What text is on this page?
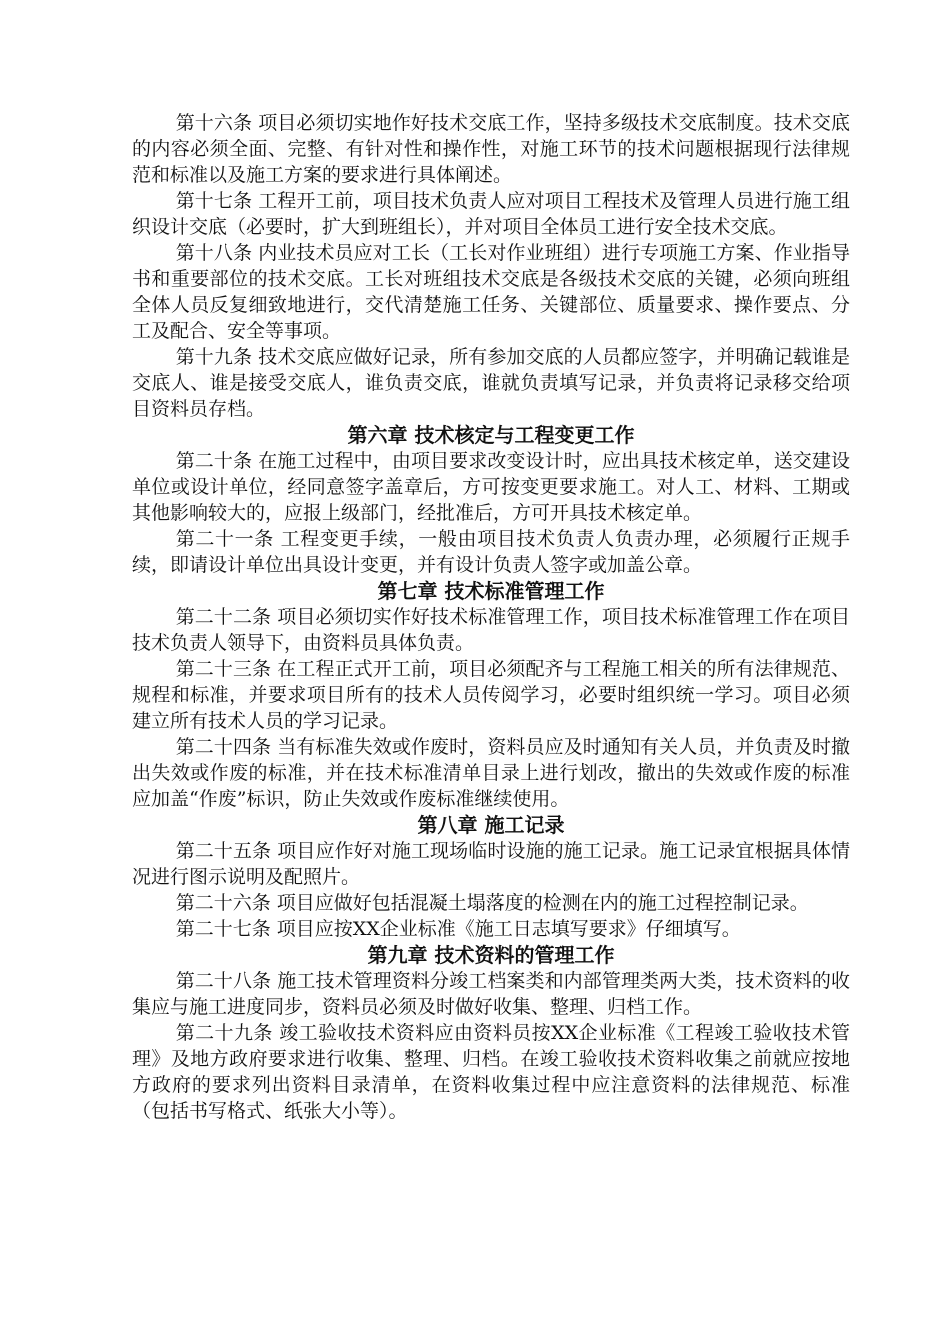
第十六条 项目必须切实地作好技术交底工作，坚持多级技术交底制度。技术交底的内容必须全面、完整、有针对性和操作性，对施工环节的技术问题根据现行法律规范和标准以及施工方案的要求进行具体阐述。

第十七条 工程开工前，项目技术负责人应对项目工程技术及管理人员进行施工组织设计交底（必要时，扩大到班组长），并对项目全体员工进行安全技术交底。

第十八条 内业技术员应对工长（工长对作业班组）进行专项施工方案、作业指导书和重要部位的技术交底。工长对班组技术交底是各级技术交底的关键，必须向班组全体人员反复细致地进行，交代清楚施工任务、关键部位、质量要求、操作要点、分工及配合、安全等事项。

第十九条 技术交底应做好记录，所有参加交底的人员都应签字，并明确记载谁是交底人、谁是接受交底人，谁负责交底，谁就负责填写记录，并负责将记录移交给项目资料员存档。

第六章 技术核定与工程变更工作

第二十条 在施工过程中，由项目要求改变设计时，应出具技术核定单，送交建设单位或设计单位，经同意签字盖章后，方可按变更要求施工。对人工、材料、工期或其他影响较大的，应报上级部门，经批准后，方可开具技术核定单。

第二十一条 工程变更手续，一般由项目技术负责人负责办理，必须履行正规手续，即请设计单位出具设计变更，并有设计负责人签字或加盖公章。

第七章 技术标准管理工作

第二十二条 项目必须切实作好技术标准管理工作，项目技术标准管理工作在项目技术负责人领导下，由资料员具体负责。

第二十三条 在工程正式开工前，项目必须配齐与工程施工相关的所有法律规范、规程和标准，并要求项目所有的技术人员传阅学习，必要时组织统一学习。项目必须建立所有技术人员的学习记录。

第二十四条 当有标准失效或作废时，资料员应及时通知有关人员，并负责及时撤出失效或作废的标准，并在技术标准清单目录上进行划改，撤出的失效或作废的标准应加盖“作废”标识，防止失效或作废标准继续使用。

第八章 施工记录

第二十五条 项目应作好对施工现场临时设施的施工记录。施工记录宜根据具体情况进行图示说明及配照片。

第二十六条 项目应做好包括混凝土塌落度的检测在内的施工过程控制记录。

第二十七条 项目应按XX企业标准《施工日志填写要求》仔细填写。

第九章 技术资料的管理工作

第二十八条 施工技术管理资料分竣工档案类和内部管理类两大类，技术资料的收集应与施工进度同步，资料员必须及时做好收集、整理、归档工作。

第二十九条 竣工验收技术资料应由资料员按XX企业标准《工程竣工验收技术管理》及地方政府要求进行收集、整理、归档。在竣工验收技术资料收集之前就应按地方政府的要求列出资料目录清单，在资料收集过程中应注意资料的法律规范、标准（包括书写格式、纸张大小等）。
